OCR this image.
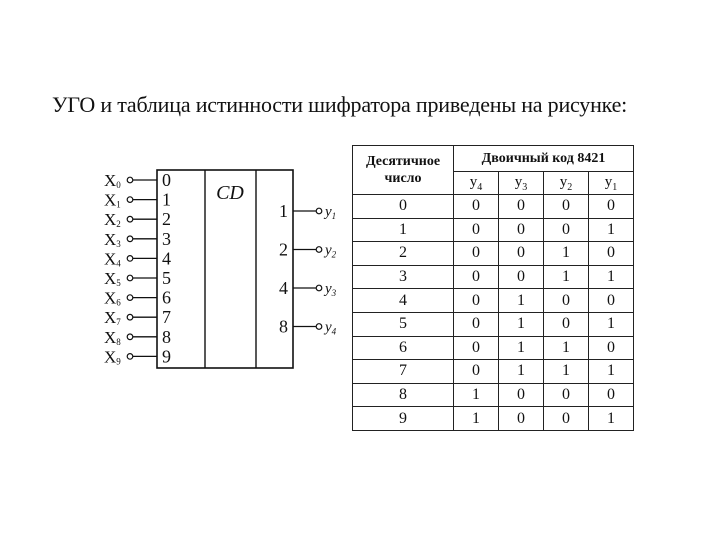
УГО и таблица истинности шифратора приведены на рисунке:
CD
X0 0
X1 1
X2 2
X3 3
X4 4
X5 5
X6 6
X7 7
X8 8
X9 9
1 $y_1$
2 $y_2$
4 $y_3$
8 $y_4$
Десятичное
число	Двоичный код 8421			
	$y_4$	$y_3$	$y_2$	$y_1$
0	0	0	0	0
1	0	0	0	1
2	0	0	1	0
3	0	0	1	1
4	0	1	0	0
5	0	1	0	1
6	0	1	1	0
7	0	1	1	1
8	1	0	0	0
9	1	0	0	1
